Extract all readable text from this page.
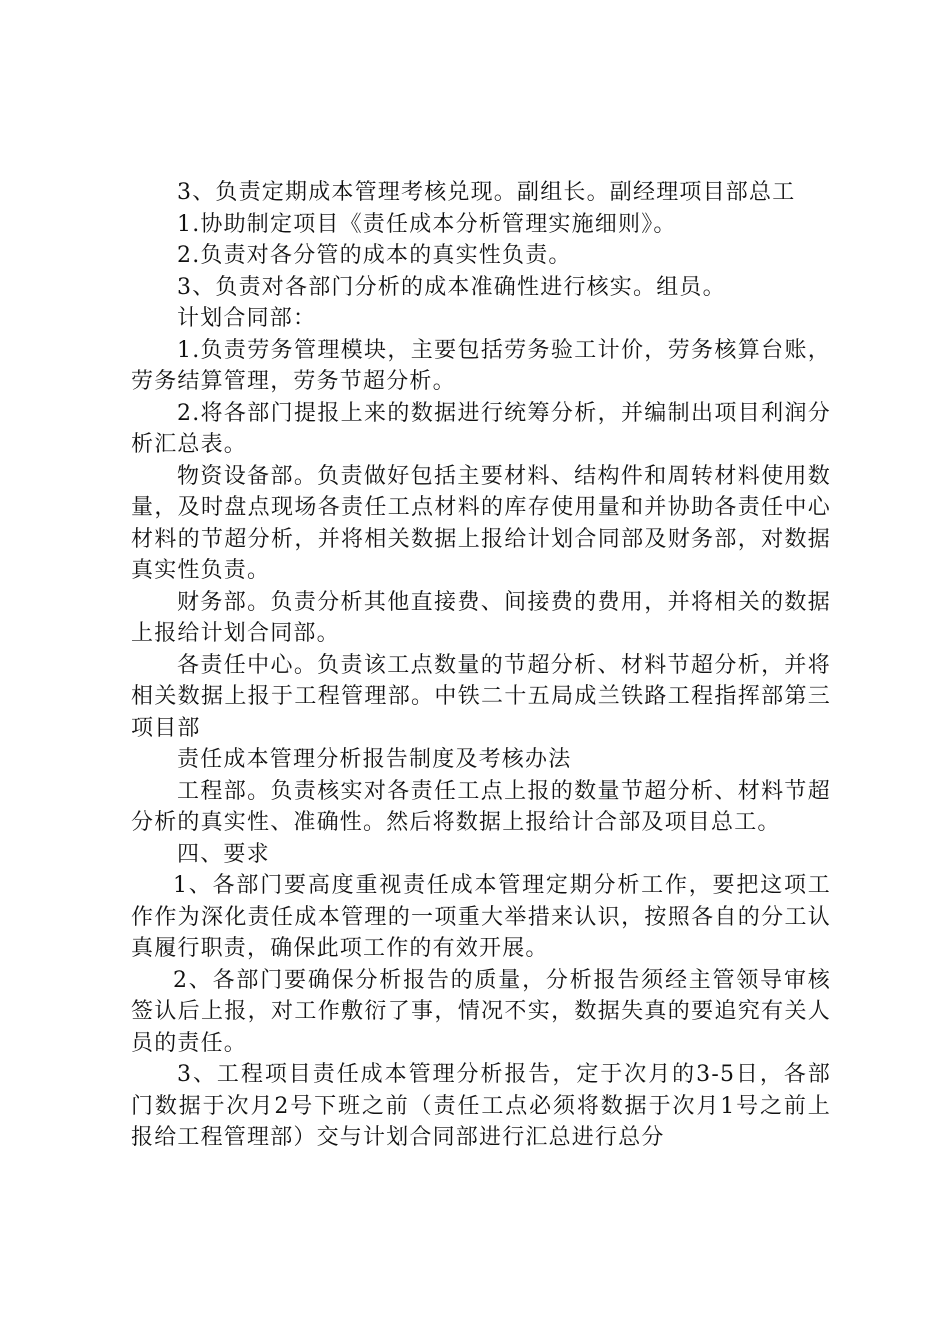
3、负责定期成本管理考核兑现。副组长。副经理项目部总工

1.协助制定项目《责任成本分析管理实施细则》。

2.负责对各分管的成本的真实性负责。

3、负责对各部门分析的成本准确性进行核实。组员。

计划合同部：

1.负责劳务管理模块，主要包括劳务验工计价，劳务核算台账，劳务结算管理，劳务节超分析。

2.将各部门提报上来的数据进行统筹分析，并编制出项目利润分析汇总表。

物资设备部。负责做好包括主要材料、结构件和周转材料使用数量，及时盘点现场各责任工点材料的库存使用量和并协助各责任中心材料的节超分析，并将相关数据上报给计划合同部及财务部，对数据真实性负责。

财务部。负责分析其他直接费、间接费的费用，并将相关的数据上报给计划合同部。

各责任中心。负责该工点数量的节超分析、材料节超分析，并将相关数据上报于工程管理部。中铁二十五局成兰铁路工程指挥部第三项目部

责任成本管理分析报告制度及考核办法

工程部。负责核实对各责任工点上报的数量节超分析、材料节超分析的真实性、准确性。然后将数据上报给计合部及项目总工。

四、要求

1、各部门要高度重视责任成本管理定期分析工作，要把这项工作作为深化责任成本管理的一项重大举措来认识，按照各自的分工认真履行职责，确保此项工作的有效开展。

2、各部门要确保分析报告的质量，分析报告须经主管领导审核签认后上报，对工作敷衍了事，情况不实，数据失真的要追究有关人员的责任。

3、工程项目责任成本管理分析报告，定于次月的3-5日，各部门数据于次月2号下班之前（责任工点必须将数据于次月1号之前上报给工程管理部）交与计划合同部进行汇总进行总分
